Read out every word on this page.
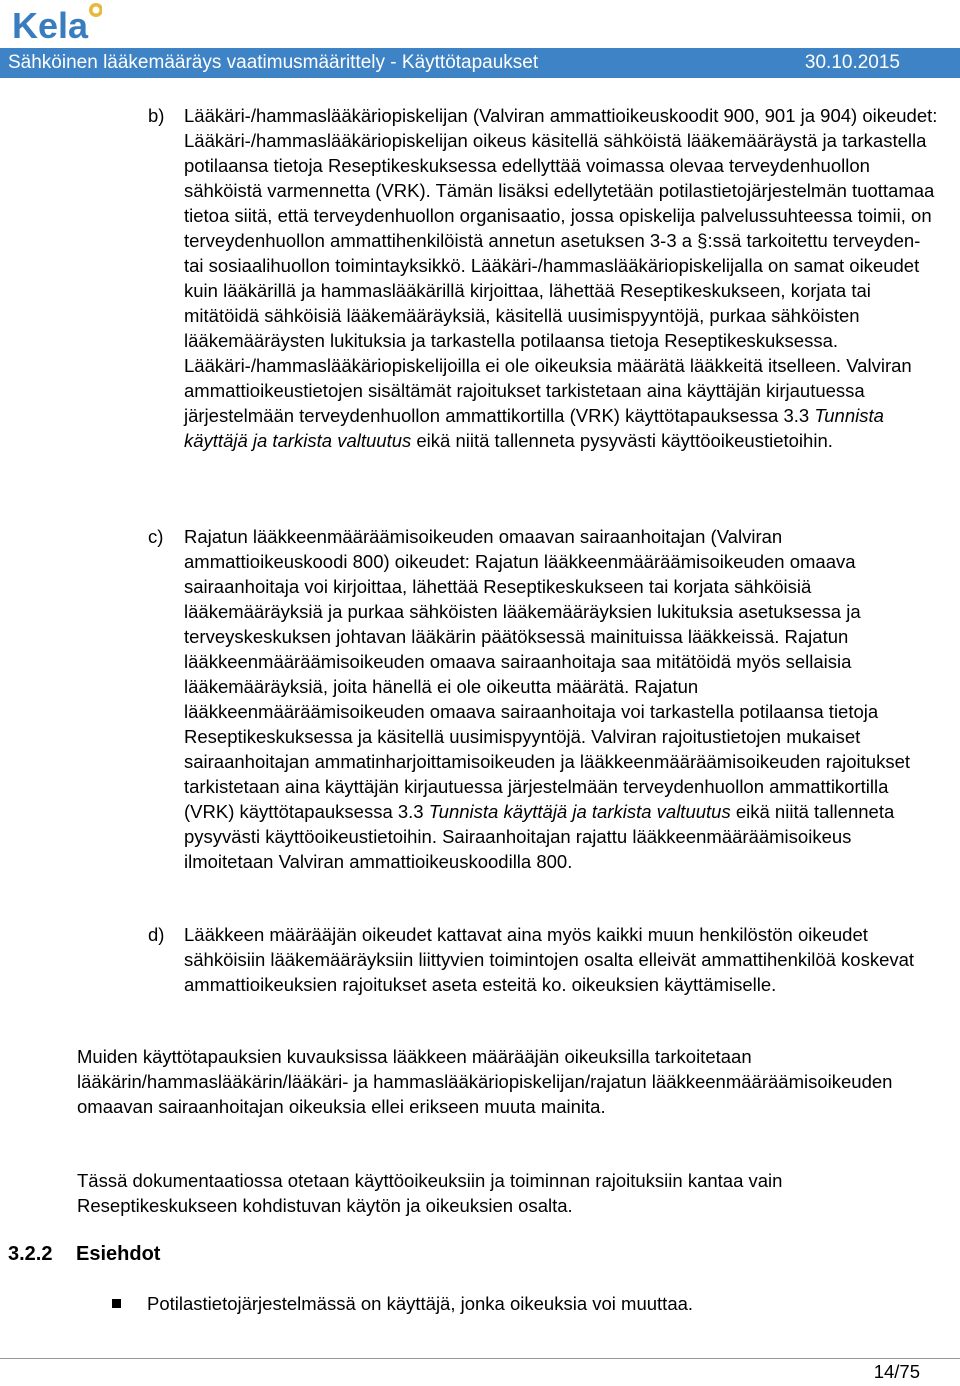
Kela
Sähköinen lääkemääräys vaatimusmäärittely - Käyttötapaukset	30.10.2015
b) Lääkäri-/hammaslääkäriopiskelijan (Valviran ammattioikeuskoodit 900, 901 ja 904) oikeudet: Lääkäri-/hammaslääkäriopiskelijan oikeus käsitellä sähköistä lääkemääräystä ja tarkastella potilaansa tietoja Reseptikeskuksessa edellyttää voimassa olevaa terveydenhuollon sähköistä varmennetta (VRK). Tämän lisäksi edellytetään potilastietojärjestelmän tuottamaa tietoa siitä, että terveydenhuollon organisaatio, jossa opiskelija palvelussuhteessa toimii, on terveydenhuollon ammattihenkilöistä annetun asetuksen 3-3 a §:ssä tarkoitettu terveyden- tai sosiaalihuollon toimintayksikkö. Lääkäri-/hammaslääkäriopiskelijalla on samat oikeudet kuin lääkärillä ja hammaslääkärillä kirjoittaa, lähettää Reseptikeskukseen, korjata tai mitätöidä sähköisiä lääkemääräyksiä, käsitellä uusimispyyntöjä, purkaa sähköisten lääkemääräysten lukituksia ja tarkastella potilaansa tietoja Reseptikeskuksessa. Lääkäri-/hammaslääkäriopiskelijoilla ei ole oikeuksia määrätä lääkkeitä itselleen. Valviran ammattioikeustietojen sisältämät rajoitukset tarkistetaan aina käyttäjän kirjautuessa järjestelmään terveydenhuollon ammattikortilla (VRK) käyttötapauksessa 3.3 Tunnista käyttäjä ja tarkista valtuutus eikä niitä tallenneta pysyvästi käyttöoikeustietoihin.

c) Rajatun lääkkeenmääräämisoikeuden omaavan sairaanhoitajan (Valviran ammattioikeuskoodi 800) oikeudet: Rajatun lääkkeenmääräämisoikeuden omaava sairaanhoitaja voi kirjoittaa, lähettää Reseptikeskukseen tai korjata sähköisiä lääkemääräyksiä ja purkaa sähköisten lääkemääräyksien lukituksia asetuksessa ja terveyskeskuksen johtavan lääkärin päätöksessä mainituissa lääkkeissä. Rajatun lääkkeenmääräämisoikeuden omaava sairaanhoitaja saa mitätöidä myös sellaisia lääkemääräyksiä, joita hänellä ei ole oikeutta määrätä. Rajatun lääkkeenmääräämisoikeuden omaava sairaanhoitaja voi tarkastella potilaansa tietoja Reseptikeskuksessa ja käsitellä uusimispyyntöjä. Valviran rajoitustietojen mukaiset sairaanhoitajan ammatinharjoittamisoikeuden ja lääkkeenmääräämisoikeuden rajoitukset tarkistetaan aina käyttäjän kirjautuessa järjestelmään terveydenhuollon ammattikortilla (VRK) käyttötapauksessa 3.3 Tunnista käyttäjä ja tarkista valtuutus eikä niitä tallenneta pysyvästi käyttöoikeustietoihin. Sairaanhoitajan rajattu lääkkeenmääräämisoikeus ilmoitetaan Valviran ammattioikeuskoodilla 800.

d) Lääkkeen määrääjän oikeudet kattavat aina myös kaikki muun henkilöstön oikeudet sähköisiin lääkemääräyksiin liittyvien toimintojen osalta elleivät ammattihenkilöä koskevat ammattioikeuksien rajoitukset aseta esteitä ko. oikeuksien käyttämiselle.

Muiden käyttötapauksien kuvauksissa lääkkeen määrääjän oikeuksilla tarkoitetaan lääkärin/hammaslääkärin/lääkäri- ja hammaslääkäriopiskelijan/rajatun lääkkeenmääräämisoikeuden omaavan sairaanhoitajan oikeuksia ellei erikseen muuta mainita.

Tässä dokumentaatiossa otetaan käyttöoikeuksiin ja toiminnan rajoituksiin kantaa vain Reseptikeskukseen kohdistuvan käytön ja oikeuksien osalta.

3.2.2 Esiehdot
Potilastietojärjestelmässä on käyttäjä, jonka oikeuksia voi muuttaa.
14/75
